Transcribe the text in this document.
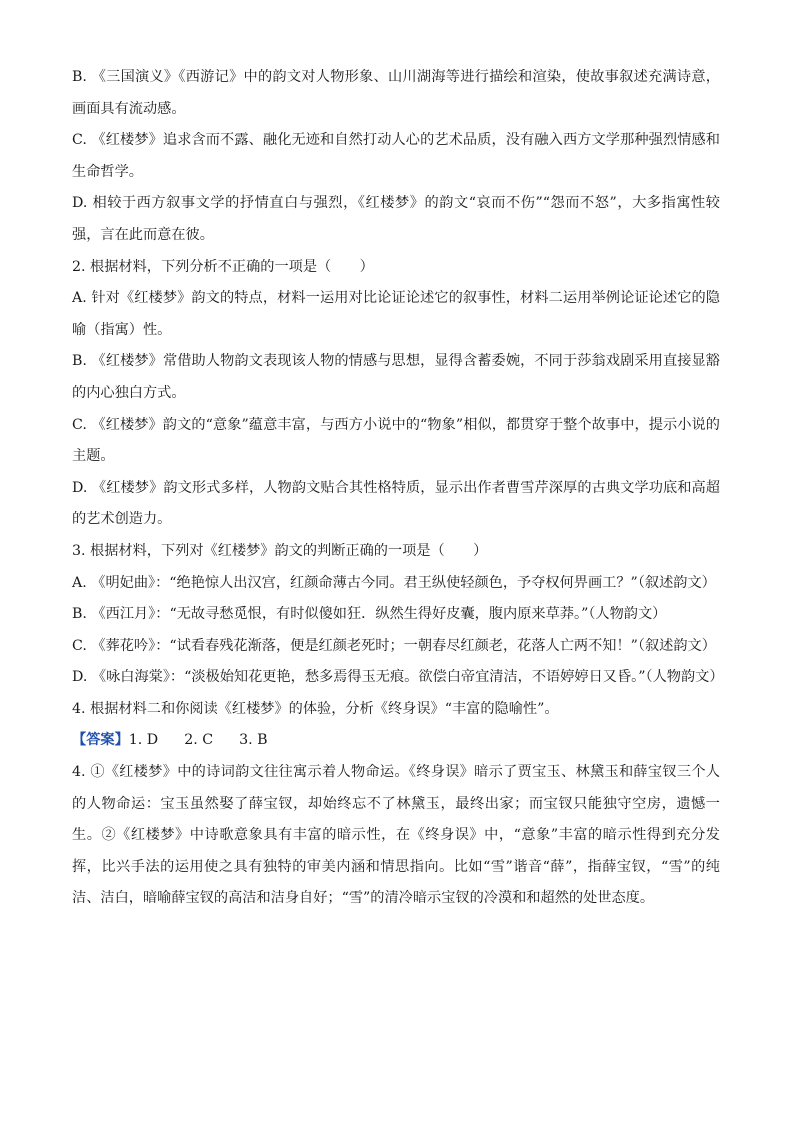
B. 《三国演义》《西游记》中的韵文对人物形象、山川湖海等进行描绘和渲染，使故事叙述充满诗意，画面具有流动感。

C. 《红楼梦》追求含而不露、融化无迹和自然打动人心的艺术品质，没有融入西方文学那种强烈情感和生命哲学。

D. 相较于西方叙事文学的抒情直白与强烈，《红楼梦》的韵文“哀而不伤”“怨而不怒”，大多指寓性较强，言在此而意在彼。

2. 根据材料，下列分析不正确的一项是（　　）

A. 针对《红楼梦》韵文的特点，材料一运用对比论证论述它的叙事性，材料二运用举例论证论述它的隐喻（指寓）性。

B. 《红楼梦》常借助人物韵文表现该人物的情感与思想，显得含蓄委婉，不同于莎翁戏剧采用直接显豁的内心独白方式。

C. 《红楼梦》韵文的“意象”蕴意丰富，与西方小说中的“物象”相似，都贯穿于整个故事中，提示小说的主题。

D. 《红楼梦》韵文形式多样，人物韵文贴合其性格特质，显示出作者曹雪芹深厚的古典文学功底和高超的艺术创造力。

3. 根据材料，下列对《红楼梦》韵文的判断正确的一项是（　　）

A. 《明妃曲》：“绝艳惊人出汉宫，红颜命薄古今同。君王纵使轻颜色，予夺权何畀画工？”（叙述韵文）

B. 《西江月》：“无故寻愁觅恨，有时似傻如狂．纵然生得好皮囊，腹内原来草莽。”（人物韵文）

C. 《葬花吟》：“试看春残花渐落，便是红颜老死时；一朝春尽红颜老，花落人亡两不知！”（叙述韵文）

D. 《咏白海棠》：“淡极始知花更艳，愁多焉得玉无痕。欲偿白帝宜清洁，不语婷婷日又昏。”（人物韵文）

4. 根据材料二和你阅读《红楼梦》的体验，分析《终身误》“丰富的隐喻性”。

【答案】1. D 2. C 3. B

4. ①《红楼梦》中的诗词韵文往往寓示着人物命运。《终身误》暗示了贾宝玉、林黛玉和薛宝钗三个人的人物命运：宝玉虽然娶了薛宝钗，却始终忘不了林黛玉，最终出家；而宝钗只能独守空房，遗憾一生。②《红楼梦》中诗歌意象具有丰富的暗示性，在《终身误》中，“意象”丰富的暗示性得到充分发挥，比兴手法的运用使之具有独特的审美内涵和情思指向。比如“雪”谐音“薛”，指薛宝钗，“雪”的纯洁、洁白，暗喻薛宝钗的高洁和洁身自好；“雪”的清冷暗示宝钗的冷漠和和超然的处世态度。
